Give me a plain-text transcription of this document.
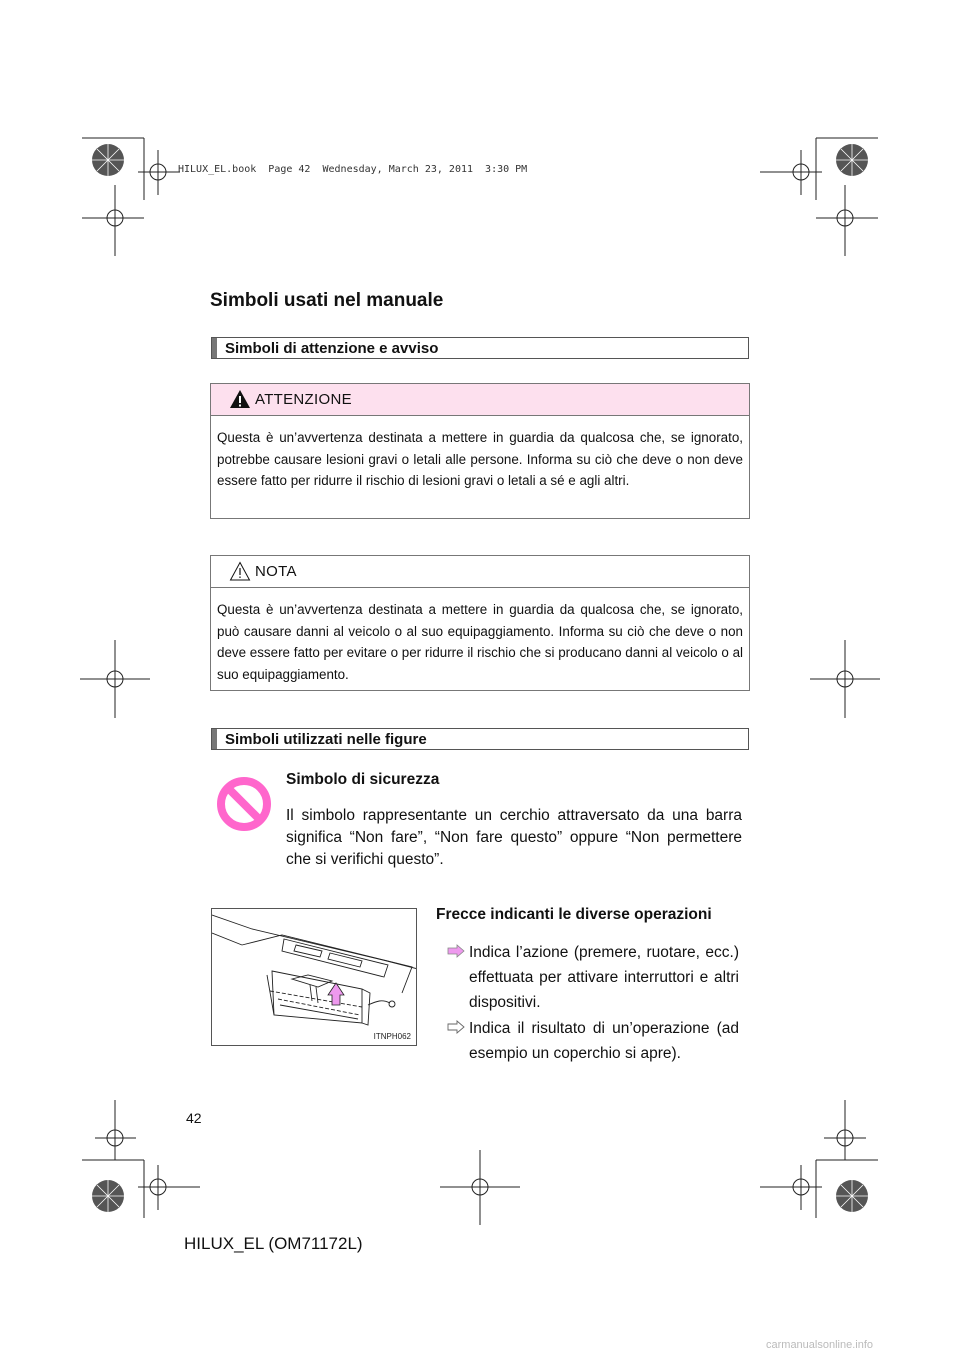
HILUX_EL.book  Page 42  Wednesday, March 23, 2011  3:30 PM
Simboli usati nel manuale
Simboli di attenzione e avviso
ATTENZIONE
Questa è un’avvertenza destinata a mettere in guardia da qualcosa che, se ignorato, potrebbe causare lesioni gravi o letali alle persone. Informa su ciò che deve o non deve essere fatto per ridurre il rischio di lesioni gravi o letali a sé e agli altri.
NOTA
Questa è un’avvertenza destinata a mettere in guardia da qualcosa che, se ignorato, può causare danni al veicolo o al suo equipaggiamento. Informa su ciò che deve o non deve essere fatto per evitare o per ridurre il rischio che si producano danni al veicolo o al suo equipaggiamento.
Simboli utilizzati nelle figure
Simbolo di sicurezza
Il simbolo rappresentante un cerchio attraversato da una barra significa “Non fare”, “Non fare questo” oppure “Non permettere che si verifichi questo”.
ITNPH062
Frecce indicanti le diverse operazioni
Indica l’azione (premere, ruotare, ecc.) effettuata per attivare interruttori e altri dispositivi.
Indica il risultato di un’operazione (ad esempio un coperchio si apre).
42
HILUX_EL (OM71172L)
carmanualsonline.info
